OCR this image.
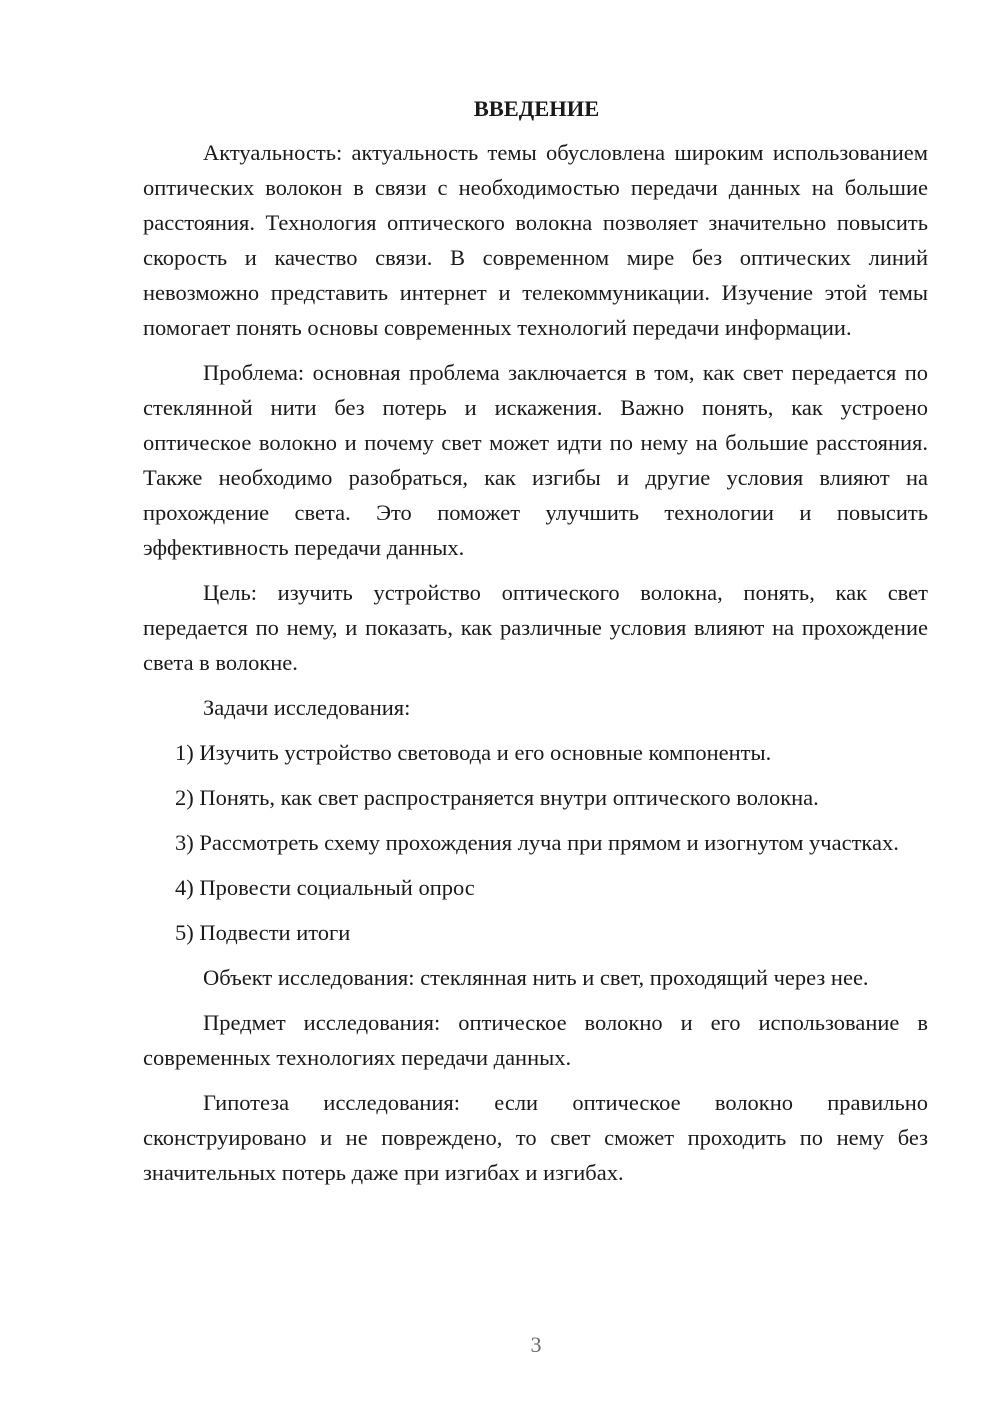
ВВЕДЕНИЕ

Актуальность: актуальность темы обусловлена широким использованием оптических волокон в связи с необходимостью передачи данных на большие расстояния. Технология оптического волокна позволяет значительно повысить скорость и качество связи. В современном мире без оптических линий невозможно представить интернет и телекоммуникации. Изучение этой темы помогает понять основы современных технологий передачи информации.

Проблема: основная проблема заключается в том, как свет передается по стеклянной нити без потерь и искажения. Важно понять, как устроено оптическое волокно и почему свет может идти по нему на большие расстояния. Также необходимо разобраться, как изгибы и другие условия влияют на прохождение света. Это поможет улучшить технологии и повысить эффективность передачи данных.

Цель: изучить устройство оптического волокна, понять, как свет передается по нему, и показать, как различные условия влияют на прохождение света в волокне.

Задачи исследования:

1) Изучить устройство световода и его основные компоненты.

2) Понять, как свет распространяется внутри оптического волокна.

3) Рассмотреть схему прохождения луча при прямом и изогнутом участках.

4) Провести социальный опрос

5) Подвести итоги

Объект исследования: стеклянная нить и свет, проходящий через нее.

Предмет исследования: оптическое волокно и его использование в современных технологиях передачи данных.

Гипотеза исследования: если оптическое волокно правильно сконструировано и не повреждено, то свет сможет проходить по нему без значительных потерь даже при изгибах и изгибах.

3
